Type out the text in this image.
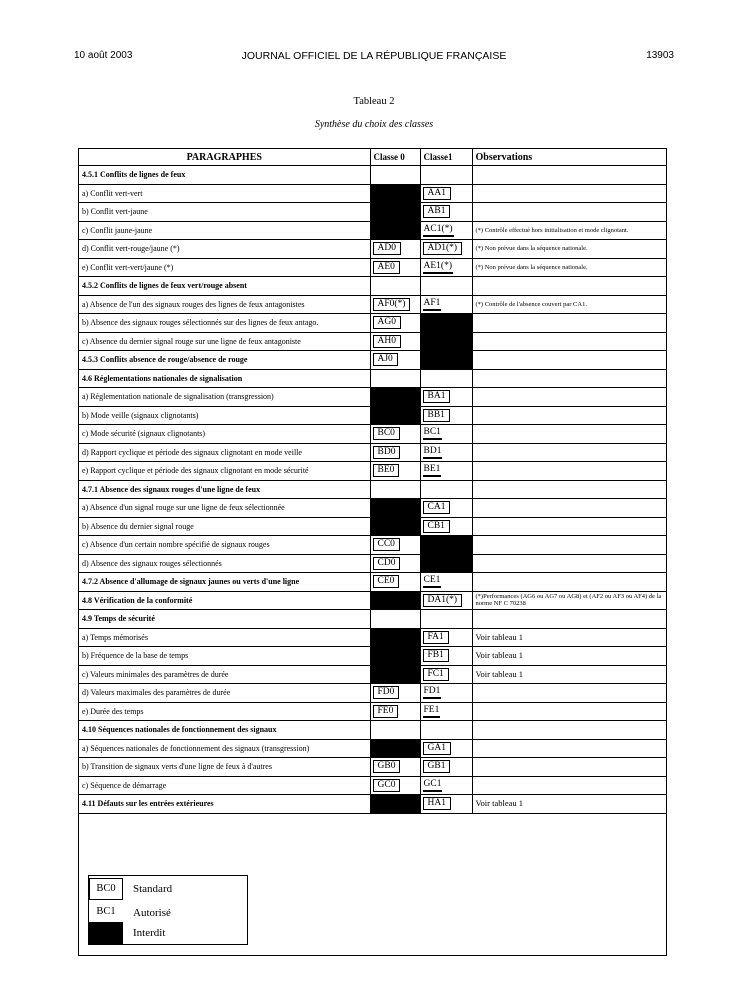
10 août 2003	JOURNAL OFFICIEL DE LA RÉPUBLIQUE FRANÇAISE	13903
Tableau 2
Synthèse du choix des classes
PARAGRAPHES	Classe 0	Classe1	Observations
4.5.1 Conflits de lignes de feux			
a) Conflit vert-vert		AA1	
b) Conflit vert-jaune		AB1	
c) Conflit jaune-jaune		AC1(*)	(*) Contrôle effectué hors initialisation et mode clignotant.
d) Conflit vert-rouge/jaune (*)	AD0	AD1(*)	(*) Non prévue dans la séquence nationale.
e) Conflit vert-vert/jaune (*)	AE0	AE1(*)	(*) Non prévue dans la séquence nationale.
4.5.2 Conflits de lignes de feux vert/rouge absent			
a) Absence de l'un des signaux rouges des lignes de feux antagonistes	AF0(*)	AF1	(*) Contrôle de l'absence couvert par CA1.
b) Absence des signaux rouges sélectionnés sur des lignes de feux antago.	AG0		
c) Absence du dernier signal rouge sur une ligne de feux antagoniste	AH0		
4.5.3 Conflits absence de rouge/absence de rouge	AJ0		
4.6 Réglementations nationales de signalisation			
a) Réglementation nationale de signalisation (transgression)		BA1	
b) Mode veille (signaux clignotants)		BB1	
c) Mode sécurité (signaux clignotants)	BC0	BC1	
d) Rapport cyclique et période des signaux clignotant en mode veille	BD0	BD1	
e) Rapport cyclique et période des signaux clignotant en mode sécurité	BE0	BE1	
4.7.1 Absence des signaux rouges d'une ligne de feux			
a) Absence d'un signal rouge sur une ligne de feux sélectionnée		CA1	
b) Absence du dernier signal rouge		CB1	
c) Absence d'un certain nombre spécifié de signaux rouges	CC0		
d) Absence des signaux rouges sélectionnés	CD0		
4.7.2 Absence d'allumage de signaux jaunes ou verts d'une ligne	CE0	CE1	
4.8 Vérification de la conformité		DA1(*)	(*)Performances (AG6 ou AG7 ou AG8) et (AF2 ou AF3 ou AF4) de la norme NF C 70238
4.9 Temps de sécurité			
a) Temps mémorisés		FA1	Voir tableau 1
b) Fréquence de la base de temps		FB1	Voir tableau 1
c) Valeurs minimales des paramètres de durée		FC1	Voir tableau 1
d) Valeurs maximales des paramètres de durée	FD0	FD1	
e) Durée des temps	FE0	FE1	
4.10 Séquences nationales de fonctionnement des signaux			
a) Séquences nationales de fonctionnement des signaux (transgression)		GA1	
b) Transition de signaux verts d'une ligne de feux à d'autres	GB0	GB1	
c) Séquence de démarrage	GC0	GC1	
4.11 Défauts sur les entrées extérieures		HA1	Voir tableau 1
BC0	Standard
BC1	Autorisé
Interdit
